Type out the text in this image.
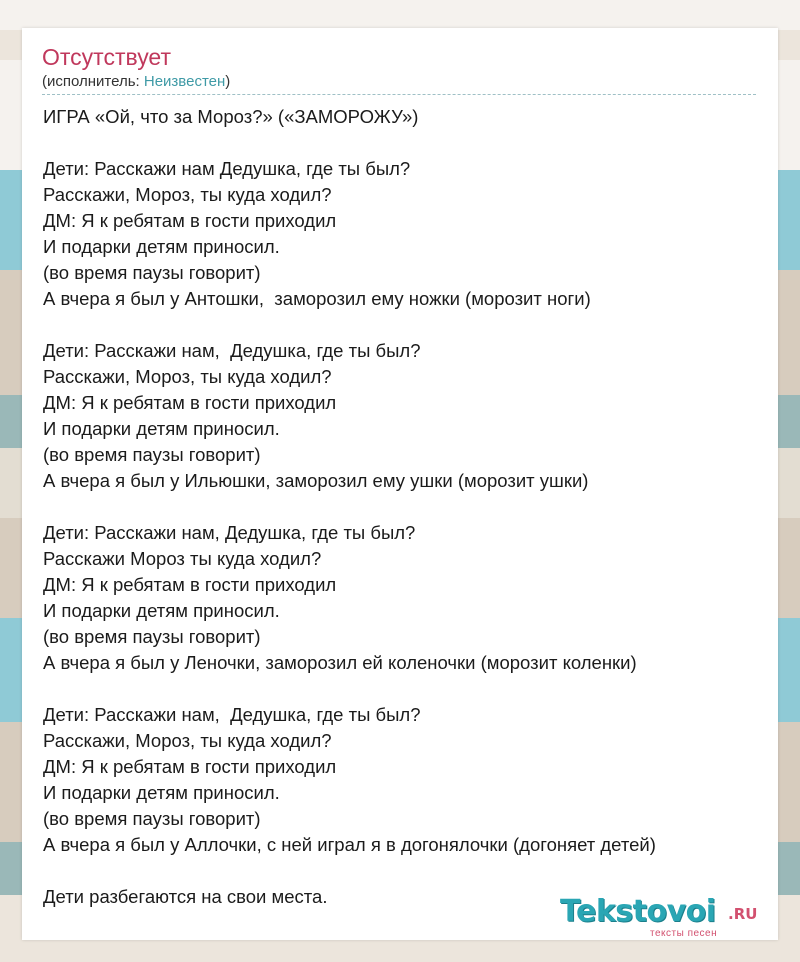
Отсутствует
(исполнитель: Неизвестен)
ИГРА «Ой, что за Мороз?» («ЗАМОРОЖУ»)
Дети: Расскажи нам Дедушка, где ты был?
Расскажи, Мороз, ты куда ходил?
ДМ: Я к ребятам в гости приходил
И подарки детям приносил.
(во время паузы говорит)
А вчера я был у Антошки,  заморозил ему ножки (морозит ноги)
Дети: Расскажи нам,  Дедушка, где ты был?
Расскажи, Мороз, ты куда ходил?
ДМ: Я к ребятам в гости приходил
И подарки детям приносил.
(во время паузы говорит)
А вчера я был у Ильюшки, заморозил ему ушки (морозит ушки)
Дети: Расскажи нам, Дедушка, где ты был?
Расскажи Мороз ты куда ходил?
ДМ: Я к ребятам в гости приходил
И подарки детям приносил.
(во время паузы говорит)
А вчера я был у Леночки, заморозил ей коленочки (морозит коленки)
Дети: Расскажи нам,  Дедушка, где ты был?
Расскажи, Мороз, ты куда ходил?
ДМ: Я к ребятам в гости приходил
И подарки детям приносил.
(во время паузы говорит)
А вчера я был у Аллочки, с ней играл я в догонялочки (догоняет детей)
Дети разбегаются на свои места.	Tekstovoi .RU
тексты песен
